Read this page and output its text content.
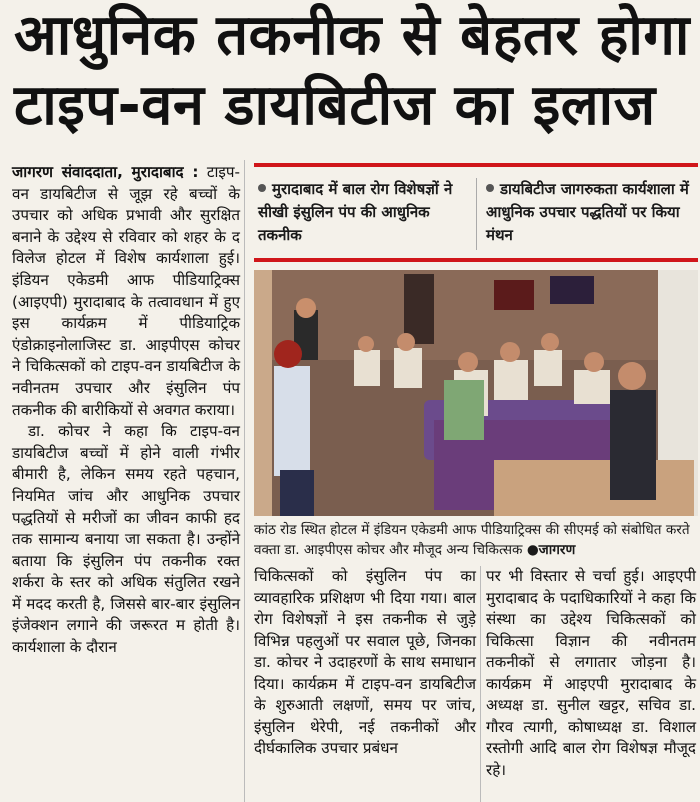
आधुनिक तकनीक से बेहतर होगा
टाइप-वन डायबिटीज का इलाज

जागरण संवाददाता, मुरादाबाद : टाइप-वन डायबिटीज से जूझ रहे बच्चों के उपचार को अधिक प्रभावी और सुरक्षित बनाने के उद्देश्य से रविवार को शहर के द विलेज होटल में विशेष कार्यशाला हुई। इंडियन एकेडमी आफ पीडियाट्रिक्स (आइएपी) मुरादाबाद के तत्वावधान में हुए इस कार्यक्रम में पीडियाट्रिक एंडोक्राइनोलाजिस्ट डा. आइपीएस कोचर ने चिकित्सकों को टाइप-वन डायबिटीज के नवीनतम उपचार और इंसुलिन पंप तकनीक की बारीकियों से अवगत कराया।

डा. कोचर ने कहा कि टाइप-वन डायबिटीज बच्चों में होने वाली गंभीर बीमारी है, लेकिन समय रहते पहचान, नियमित जांच और आधुनिक उपचार पद्धतियों से मरीजों का जीवन काफी हद तक सामान्य बनाया जा सकता है। उन्होंने बताया कि इंसुलिन पंप तकनीक रक्त शर्करा के स्तर को अधिक संतुलित रखने में मदद करती है, जिससे बार-बार इंसुलिन इंजेक्शन लगाने की जरूरत म होती है। कार्यशाला के दौरान

मुरादाबाद में बाल रोग विशेषज्ञों ने सीखी इंसुलिन पंप की आधुनिक तकनीक
डायबिटीज जागरुकता कार्यशाला में आधुनिक उपचार पद्धतियों पर किया मंथन
कांठ रोड स्थित होटल में इंडियन एकेडमी आफ पीडियाट्रिक्स की सीएमई को संबोधित करते वक्ता डा. आइपीएस कोचर और मौजूद अन्य चिकित्सक ●जागरण

चिकित्सकों को इंसुलिन पंप का व्यावहारिक प्रशिक्षण भी दिया गया। बाल रोग विशेषज्ञों ने इस तकनीक से जुड़े विभिन्न पहलुओं पर सवाल पूछे, जिनका डा. कोचर ने उदाहरणों के साथ समाधान दिया। कार्यक्रम में टाइप-वन डायबिटीज के शुरुआती लक्षणों, समय पर जांच, इंसुलिन थेरेपी, नई तकनीकों और दीर्घकालिक उपचार प्रबंधन

पर भी विस्तार से चर्चा हुई। आइएपी मुरादाबाद के पदाधिकारियों ने कहा कि संस्था का उद्देश्य चिकित्सकों को चिकित्सा विज्ञान की नवीनतम तकनीकों से लगातार जोड़ना है। कार्यक्रम में आइएपी मुरादाबाद के अध्यक्ष डा. सुनील खट्टर, सचिव डा. गौरव त्यागी, कोषाध्यक्ष डा. विशाल रस्तोगी आदि बाल रोग विशेषज्ञ मौजूद रहे।
